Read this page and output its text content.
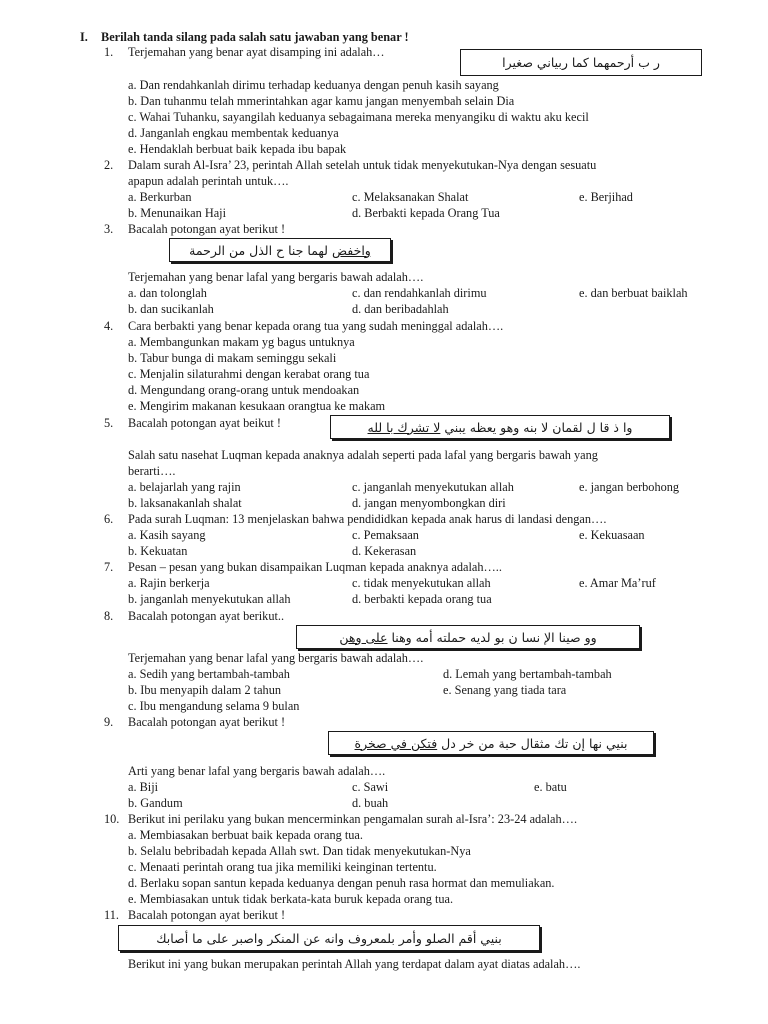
I. Berilah tanda silang pada salah satu jawaban yang benar !
1. Terjemahan yang benar ayat disamping ini adalah…
ر ب أرحمهما كما ربياني صغيرا
a. Dan rendahkanlah dirimu terhadap keduanya dengan penuh kasih sayang
b. Dan tuhanmu telah mmerintahkan agar kamu jangan menyembah selain Dia
c. Wahai Tuhanku, sayangilah keduanya sebagaimana mereka menyangiku di waktu aku kecil
d. Janganlah engkau membentak keduanya
e. Hendaklah berbuat baik kepada ibu bapak
2. Dalam surah Al-Isra’ 23, perintah Allah setelah untuk tidak menyekutukan-Nya dengan sesuatu
apapun adalah perintah untuk….
a. Berkurban	c. Melaksanakan Shalat	e. Berjihad
b. Menunaikan Haji	d. Berbakti kepada Orang Tua
3. Bacalah potongan ayat berikut !
واخفض لهما جنا ح الذل من الرحمة
Terjemahan yang benar lafal yang bergaris bawah adalah….
a. dan tolonglah	c. dan rendahkanlah dirimu	e. dan berbuat baiklah
b. dan sucikanlah	d. dan beribadahlah
4. Cara berbakti yang benar kepada orang tua yang sudah meninggal adalah….
a. Membangunkan makam yg bagus untuknya
b. Tabur bunga di makam seminggu sekali
c. Menjalin silaturahmi dengan kerabat orang tua
d. Mengundang orang-orang untuk mendoakan
e. Mengirim makanan kesukaan orangtua ke makam
5. Bacalah potongan ayat beikut !	وا ذ قا ل لقمان لا بنه وهو يعظه يبني لا تشرك با لله
Salah satu nasehat Luqman kepada anaknya adalah seperti pada lafal yang bergaris bawah yang
berarti….
a. belajarlah yang rajin	c. janganlah menyekutukan allah	e. jangan berbohong
b. laksanakanlah shalat	d. jangan menyombongkan diri
6. Pada surah Luqman: 13 menjelaskan bahwa pendididkan kepada anak harus di landasi dengan….
a. Kasih sayang	c. Pemaksaan	e. Kekuasaan
b. Kekuatan	d. Kekerasan
7. Pesan – pesan yang bukan disampaikan Luqman kepada anaknya adalah…..
a. Rajin berkerja	c. tidak menyekutukan allah	e. Amar Ma’ruf
b. janganlah menyekutukan allah	d. berbakti kepada orang tua
8. Bacalah potongan ayat berikut..
وو صينا الإ نسا ن بو لديه حملته أمه وهنا على وهن
Terjemahan yang benar lafal yang bergaris bawah adalah….
a. Sedih yang bertambah-tambah	d. Lemah yang bertambah-tambah
b. Ibu menyapih dalam 2 tahun	e. Senang yang tiada tara
c. Ibu mengandung selama 9 bulan
9. Bacalah potongan ayat berikut !
بنيي نها إن تك مثقال حبة من خر دل فتكن في صخرة
Arti yang benar lafal yang bergaris bawah adalah….
a. Biji	c. Sawi	e. batu
b. Gandum	d. buah
10. Berikut ini perilaku yang bukan mencerminkan pengamalan surah al-Isra’: 23-24 adalah….
a. Membiasakan berbuat baik kepada orang tua.
b. Selalu bebribadah kepada Allah swt. Dan tidak menyekutukan-Nya
c. Menaati perintah orang tua jika memiliki keinginan tertentu.
d. Berlaku sopan santun kepada keduanya dengan penuh rasa hormat dan memuliakan.
e. Membiasakan untuk tidak berkata-kata buruk kepada orang tua.
11. Bacalah potongan ayat berikut !
بنيي أقم الصلو وأمر بلمعروف وانه عن المنكر واصبر على ما أصابك
Berikut ini yang bukan merupakan perintah Allah yang terdapat dalam ayat diatas adalah….
